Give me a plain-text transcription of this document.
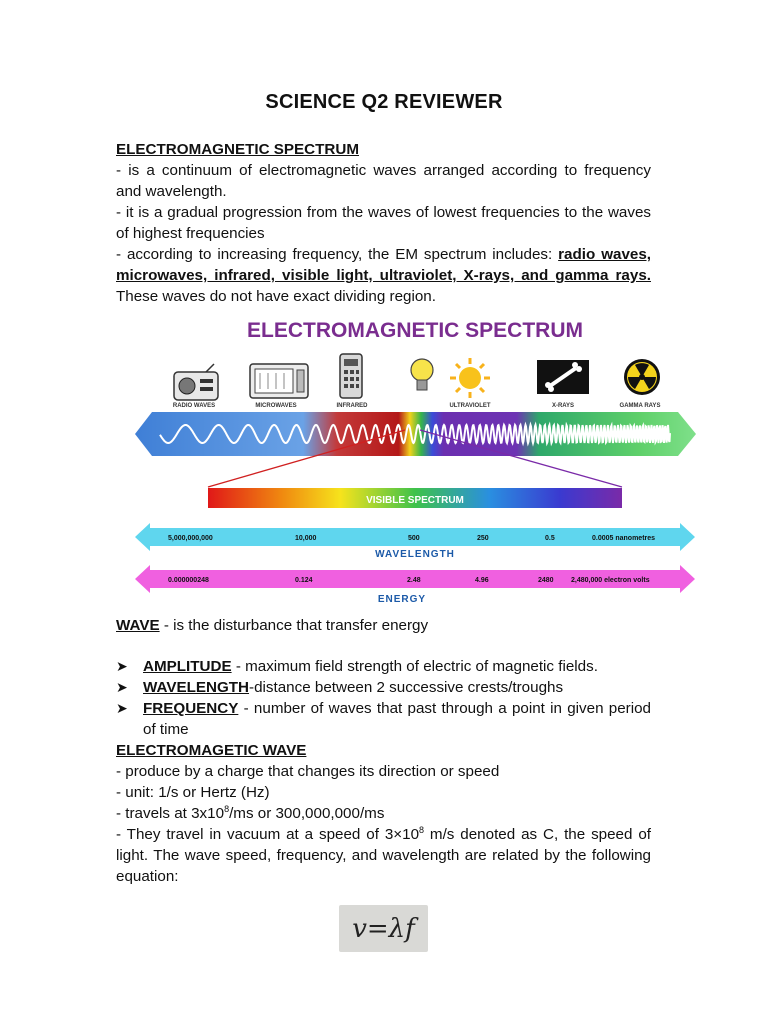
SCIENCE Q2 REVIEWER
ELECTROMAGNETIC SPECTRUM
- is a continuum of electromagnetic waves arranged according to frequency and wavelength.
- it is a gradual progression from the waves of lowest frequencies to the waves of highest frequencies
- according to increasing frequency, the EM spectrum includes: radio waves, microwaves, infrared, visible light, ultraviolet, X-rays, and gamma rays. These waves do not have exact dividing region.
ELECTROMAGNETIC SPECTRUM
RADIO WAVES	MICROWAVES	INFRARED	ULTRAVIOLET	X-RAYS	GAMMA RAYS
VISIBLE SPECTRUM
5,000,000,000	10,000	500	250	0.5	0.0005 nanometres
WAVELENGTH
0.000000248	0.124	2.48	4.96	2480 2,480,000 electron volts
ENERGY
WAVE - is the disturbance that transfer energy
➤ AMPLITUDE - maximum field strength of electric of magnetic fields.
➤ WAVELENGTH-distance between 2 successive crests/troughs
➤ FREQUENCY - number of waves that past through a point in given period of time
ELECTROMAGETIC WAVE
- produce by a charge that changes its direction or speed
- unit: 1/s or Hertz (Hz)
- travels at $3x10^8/ms$ or 300,000,000/ms
- They travel in vacuum at a speed of $3\times 10^8$ m/s denoted as C, the speed of light. The wave speed, frequency, and wavelength are related by the following equation:
v=λf
